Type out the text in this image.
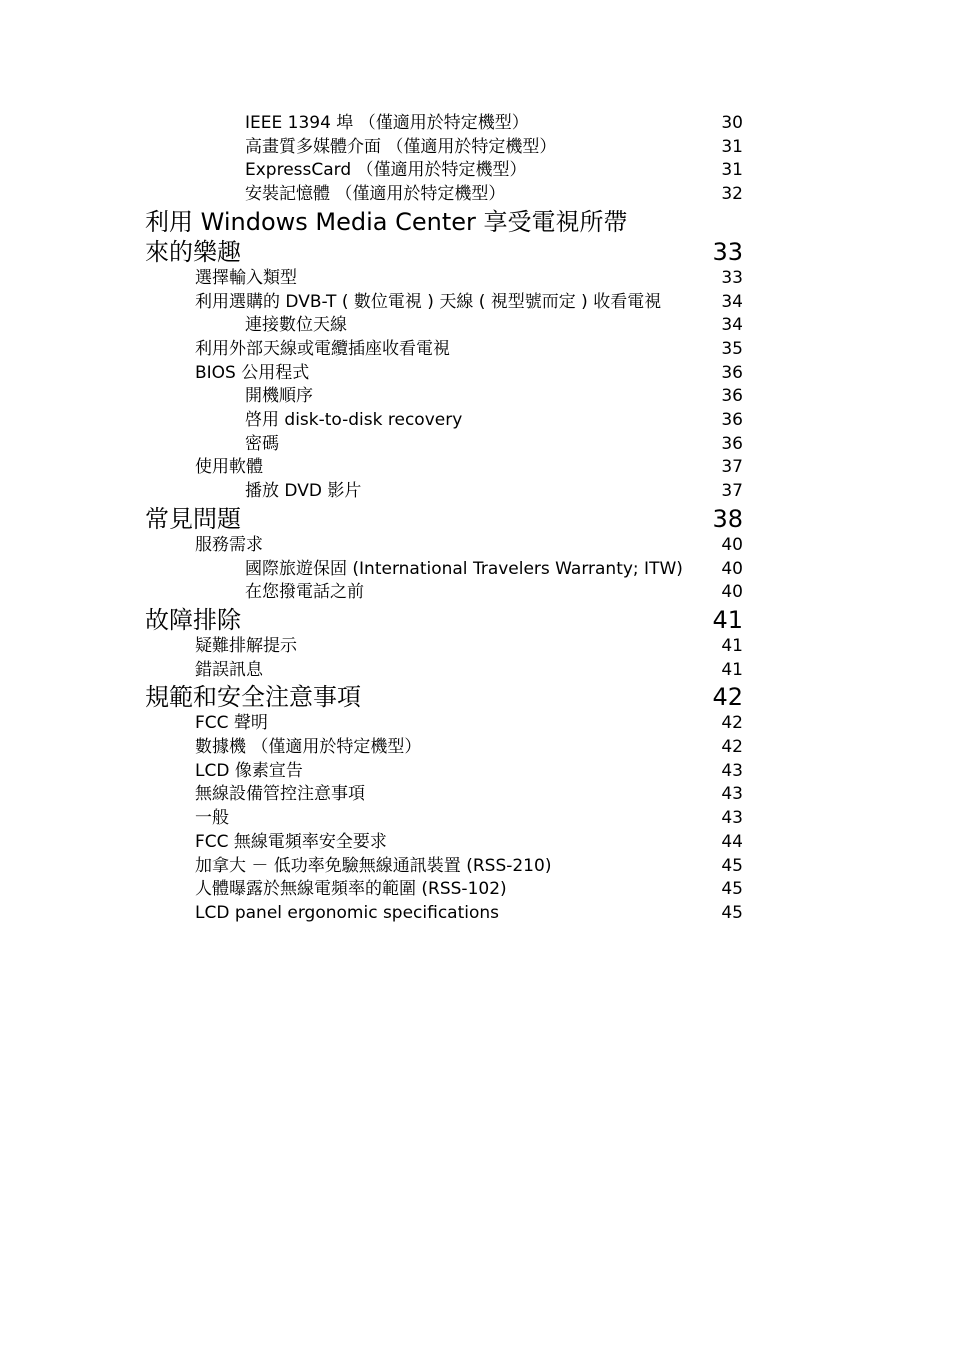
IEEE 1394 埠 （僅適用於特定機型）	30
高畫質多媒體介面 （僅適用於特定機型）	31
ExpressCard （僅適用於特定機型）	31
安裝記憶體 （僅適用於特定機型）	32
利用 Windows Media Center 享受電視所帶來的樂趣	33
選擇輸入類型	33
利用選購的 DVB-T ( 數位電視 ) 天線 ( 視型號而定 ) 收看電視	34
連接數位天線	34
利用外部天線或電纜插座收看電視	35
BIOS 公用程式	36
開機順序	36
啓用 disk-to-disk recovery	36
密碼	36
使用軟體	37
播放 DVD 影片	37
常見問題	38
服務需求	40
國際旅遊保固 (International Travelers Warranty; ITW) 40
在您撥電話之前	40
故障排除	41
疑難排解提示	41
錯誤訊息	41
規範和安全注意事項	42
FCC 聲明	42
數據機 （僅適用於特定機型）	42
LCD 像素宣告	43
無線設備管控注意事項	43
一般	43
FCC 無線電頻率安全要求	44
加拿大 － 低功率免驗無線通訊裝置 (RSS-210)	45
人體曝露於無線電頻率的範圍 (RSS-102)	45
LCD panel ergonomic specifications	45
